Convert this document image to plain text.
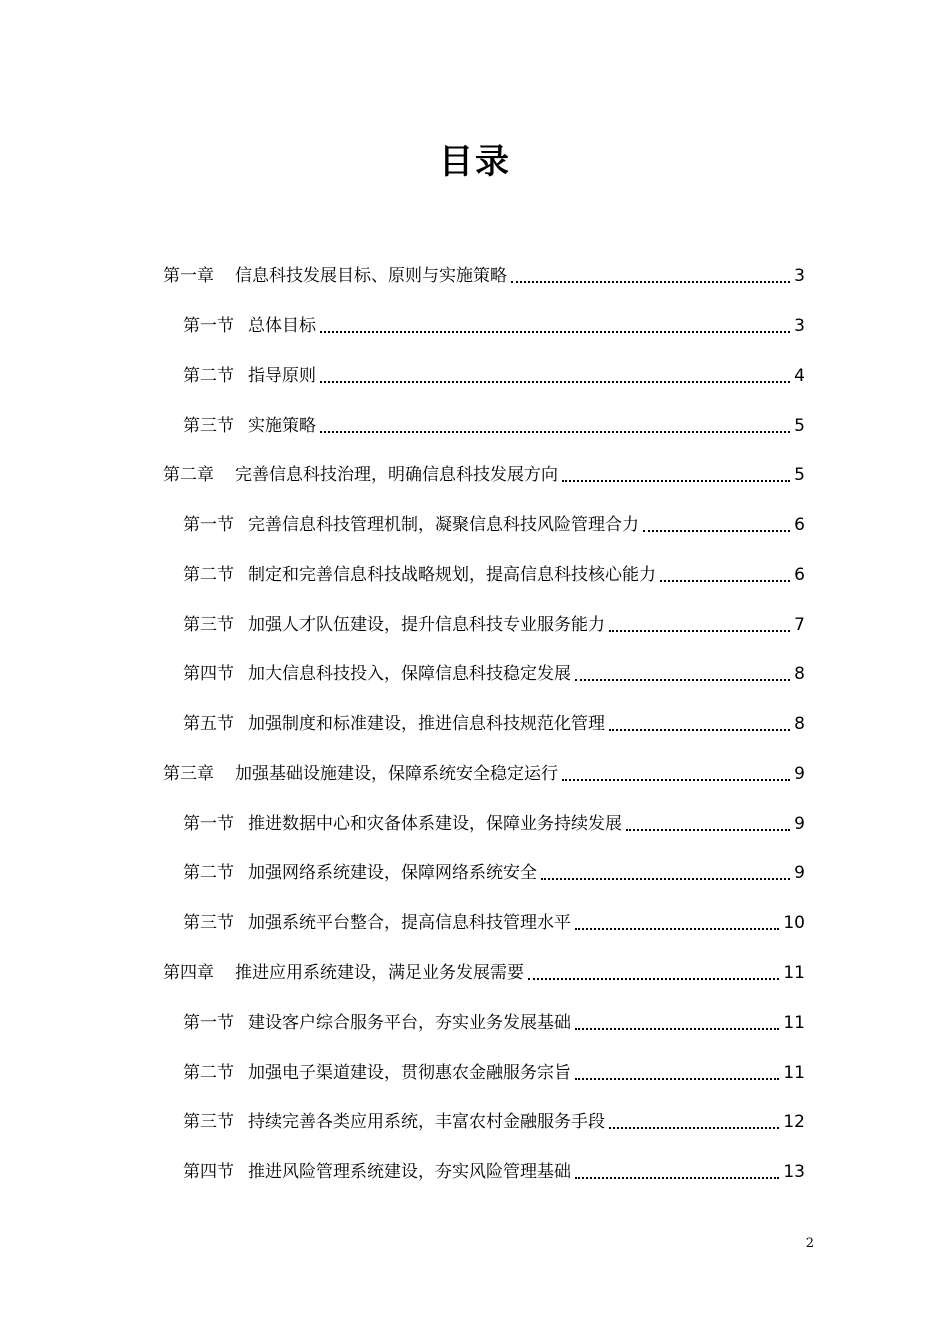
目录
第一章	信息科技发展目标、原则与实施策略	3
第一节 总体目标	3
第二节 指导原则	4
第三节 实施策略	5
第二章	完善信息科技治理，明确信息科技发展方向	5
第一节 完善信息科技管理机制，凝聚信息科技风险管理合力	6
第二节 制定和完善信息科技战略规划，提高信息科技核心能力	6
第三节 加强人才队伍建设，提升信息科技专业服务能力	7
第四节 加大信息科技投入，保障信息科技稳定发展	8
第五节 加强制度和标准建设，推进信息科技规范化管理	8
第三章	加强基础设施建设，保障系统安全稳定运行	9
第一节 推进数据中心和灾备体系建设，保障业务持续发展	9
第二节 加强网络系统建设，保障网络系统安全	9
第三节 加强系统平台整合，提高信息科技管理水平	10
第四章	推进应用系统建设，满足业务发展需要	11
第一节 建设客户综合服务平台，夯实业务发展基础	11
第二节 加强电子渠道建设，贯彻惠农金融服务宗旨	11
第三节 持续完善各类应用系统，丰富农村金融服务手段	12
第四节 推进风险管理系统建设，夯实风险管理基础	13
2
